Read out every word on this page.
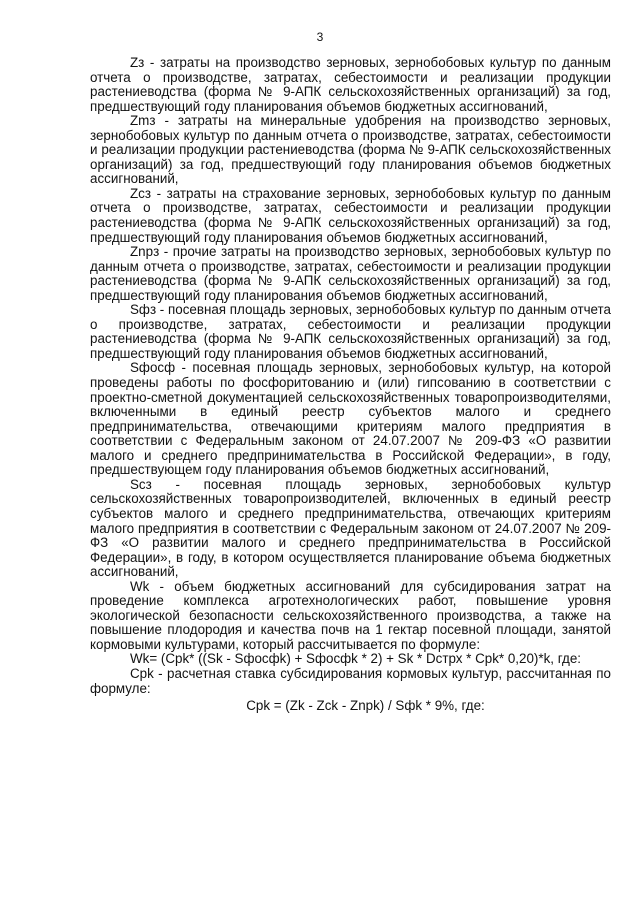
3

Zз - затраты на производство зерновых, зернобобовых культур по данным отчета о производстве, затратах, себестоимости и реализации продукции растениеводства (форма № 9-АПК сельскохозяйственных организаций) за год, предшествующий году планирования объемов бюджетных ассигнований,

Zmз - затраты на минеральные удобрения на производство зерновых, зернобобовых культур по данным отчета о производстве, затратах, себестоимости и реализации продукции растениеводства (форма № 9-АПК сельскохозяйственных организаций) за год, предшествующий году планирования объемов бюджетных ассигнований,

Zcз - затраты на страхование зерновых, зернобобовых культур по данным отчета о производстве, затратах, себестоимости и реализации продукции растениеводства (форма № 9-АПК сельскохозяйственных организаций) за год, предшествующий году планирования объемов бюджетных ассигнований,

Znpз - прочие затраты на производство зерновых, зернобобовых культур по данным отчета о производстве, затратах, себестоимости и реализации продукции растениеводства (форма № 9-АПК сельскохозяйственных организаций) за год, предшествующий году планирования объемов бюджетных ассигнований,

Sфз - посевная площадь зерновых, зернобобовых культур по данным отчета о производстве, затратах, себестоимости и реализации продукции растениеводства (форма № 9-АПК сельскохозяйственных организаций) за год, предшествующий году планирования объемов бюджетных ассигнований,

Sфосф - посевная площадь зерновых, зернобобовых культур, на которой проведены работы по фосфоритованию и (или) гипсованию в соответствии с проектно-сметной документацией сельскохозяйственных товаропроизводителями, включенными в единый реестр субъектов малого и среднего предпринимательства, отвечающими критериям малого предприятия в соответствии с Федеральным законом от 24.07.2007 № 209-ФЗ «О развитии малого и среднего предпринимательства в Российской Федерации», в году, предшествующем году планирования объемов бюджетных ассигнований,

Scз - посевная площадь зерновых, зернобобовых культур сельскохозяйственных товаропроизводителей, включенных в единый реестр субъектов малого и среднего предпринимательства, отвечающих критериям малого предприятия в соответствии с Федеральным законом от 24.07.2007 № 209-ФЗ «О развитии малого и среднего предпринимательства в Российской Федерации», в году, в котором осуществляется планирование объема бюджетных ассигнований,

Wk - объем бюджетных ассигнований для субсидирования затрат на проведение комплекса агротехнологических работ, повышение уровня экологической безопасности сельскохозяйственного производства, а также на повышение плодородия и качества почв на 1 гектар посевной площади, занятой кормовыми культурами, который рассчитывается по формуле:

Wk= (Cpk* ((Sk - Sфосфk) + Sфосфk * 2) + Sk * Dстрх * Cpk* 0,20)*k, где:

Cpk - расчетная ставка субсидирования кормовых культур, рассчитанная по формуле:

Cpk = (Zk - Zck - Znpk) / Sфk * 9%, где:
